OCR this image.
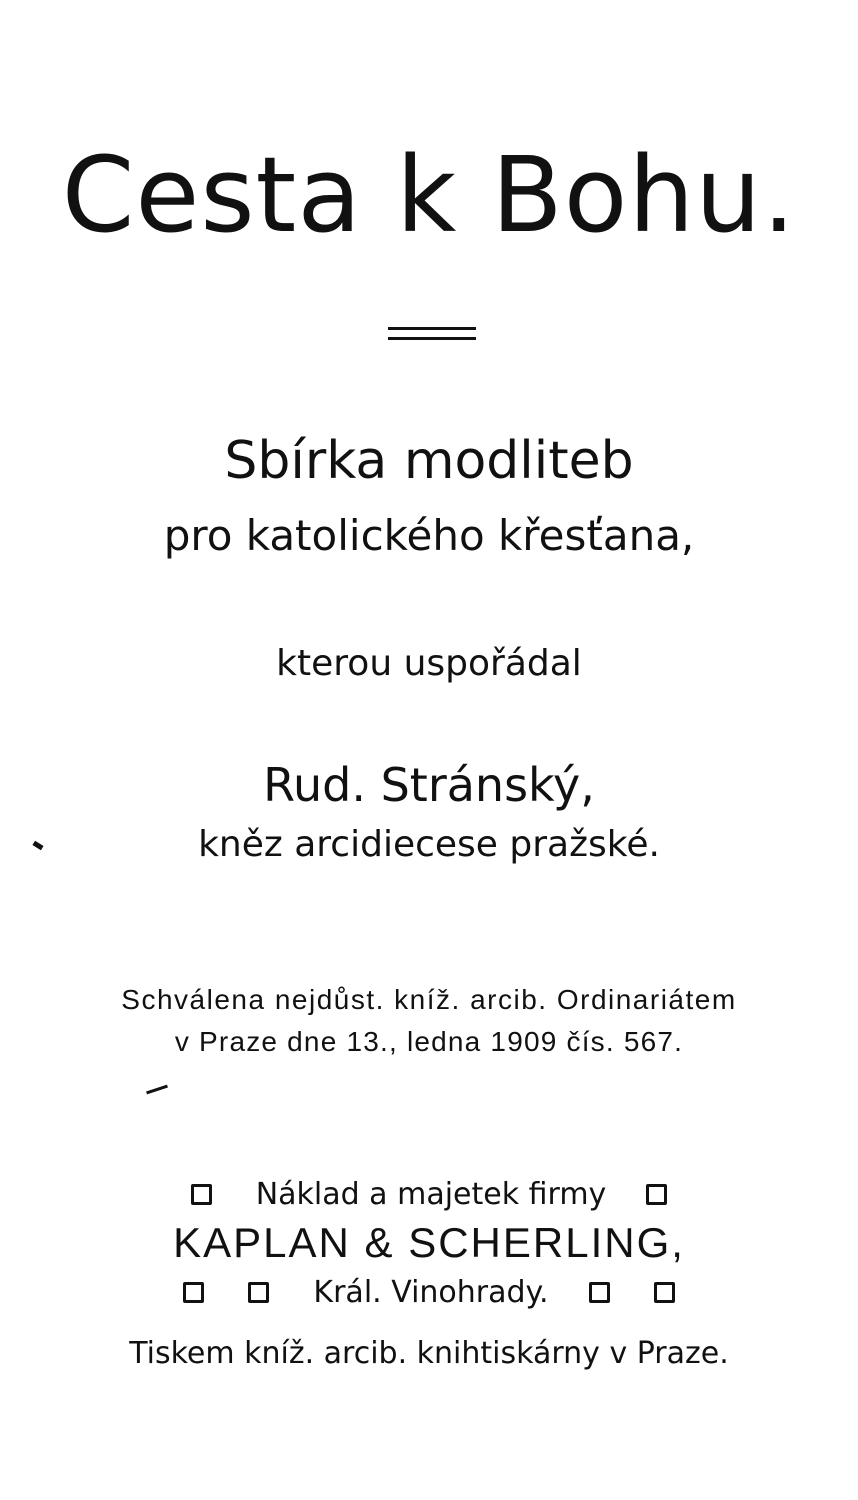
Cesta k Bohu.
Sbírka modliteb
pro katolického křesťana,
kterou uspořádal
Rud. Stránský,
kněz arcidiecese pražské.
Schválena nejdůst. kníž. arcib. Ordinariátem
v Praze dne 13., ledna 1909 čís. 567.
Náklad a majetek firmy
KAPLAN & SCHERLING,
Král. Vinohrady.
Tiskem kníž. arcib. knihtiskárny v Praze.
